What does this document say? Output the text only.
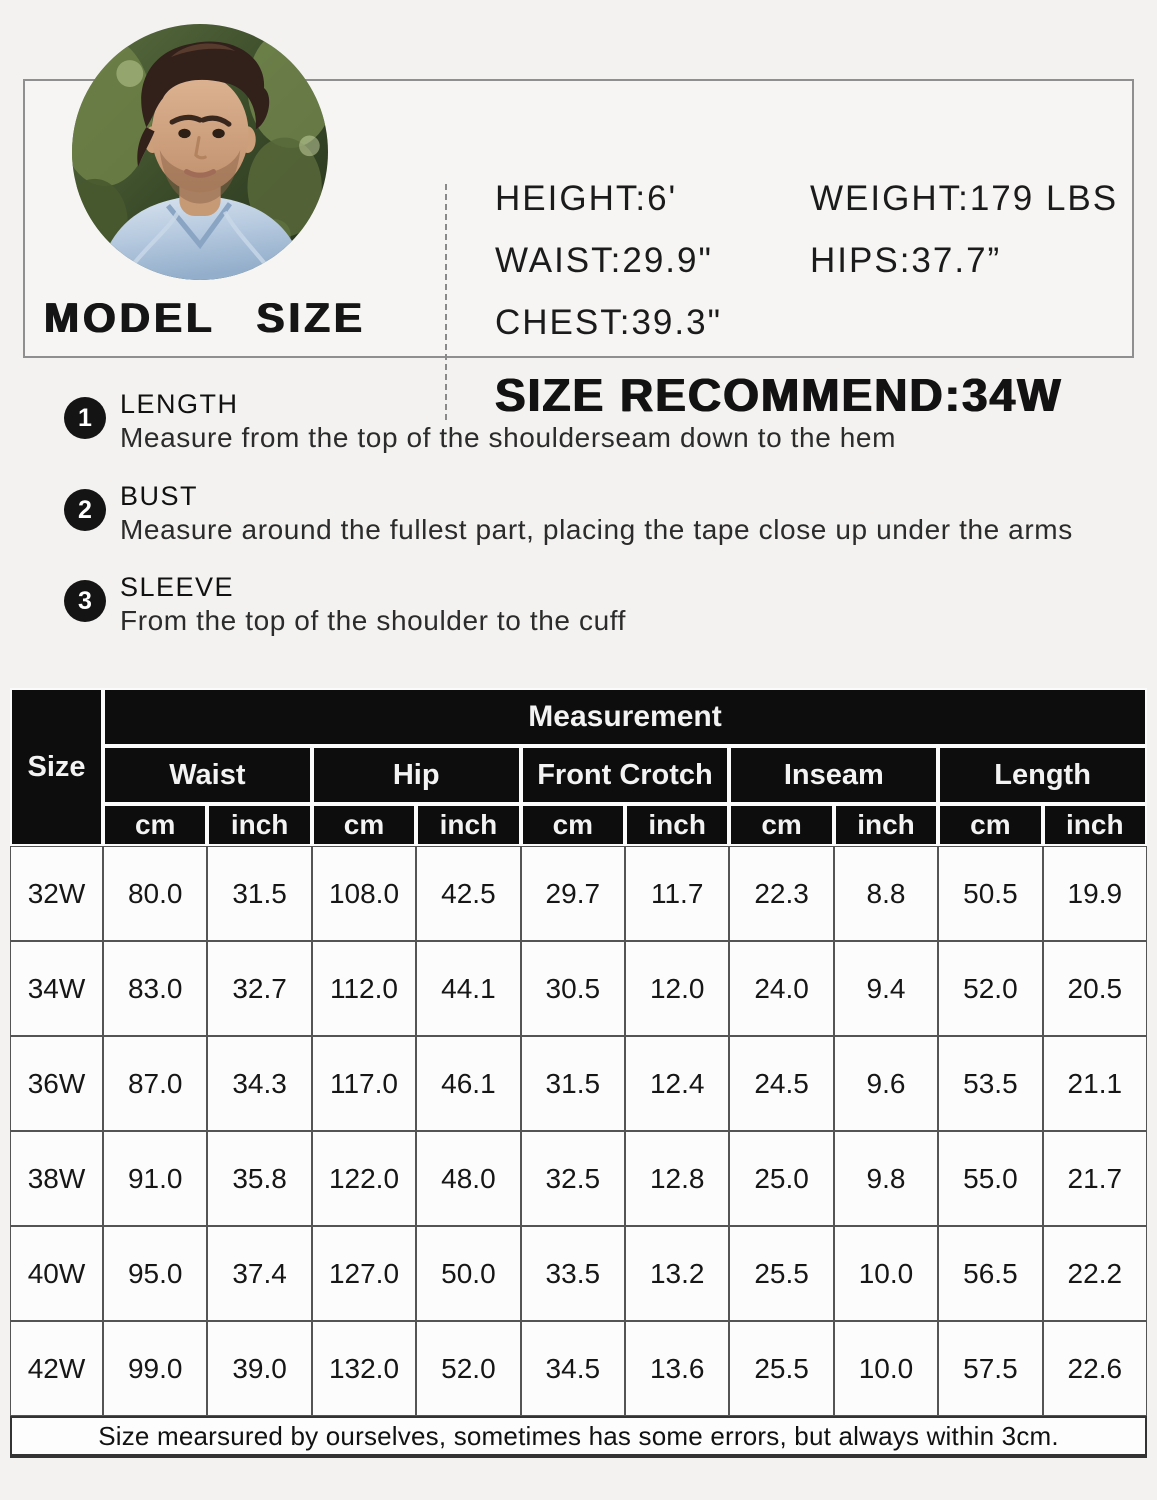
HEIGHT:6'	WEIGHT:179 LBS
WAIST:29.9"	HIPS:37.7”
CHEST:39.3"
SIZE RECOMMEND:34W
MODEL SIZE
1	LENGTH
Measure from the top of the shoulderseam down to the hem
2	BUST
Measure around the fullest part, placing the tape close up under the arms
3	SLEEVE
From the top of the shoulder to the cuff
Size
Measurement
Waist	Hip	Front Crotch	Inseam	Length
cm	inch	cm	inch	cm	inch	cm	inch	cm	inch
32W	80.0	31.5	108.0	42.5	29.7	11.7	22.3	8.8	50.5	19.9
34W	83.0	32.7	112.0	44.1	30.5	12.0	24.0	9.4	52.0	20.5
36W	87.0	34.3	117.0	46.1	31.5	12.4	24.5	9.6	53.5	21.1
38W	91.0	35.8	122.0	48.0	32.5	12.8	25.0	9.8	55.0	21.7
40W	95.0	37.4	127.0	50.0	33.5	13.2	25.5	10.0	56.5	22.2
42W	99.0	39.0	132.0	52.0	34.5	13.6	25.5	10.0	57.5	22.6
Size mearsured by ourselves, sometimes has some errors, but always within 3cm.
